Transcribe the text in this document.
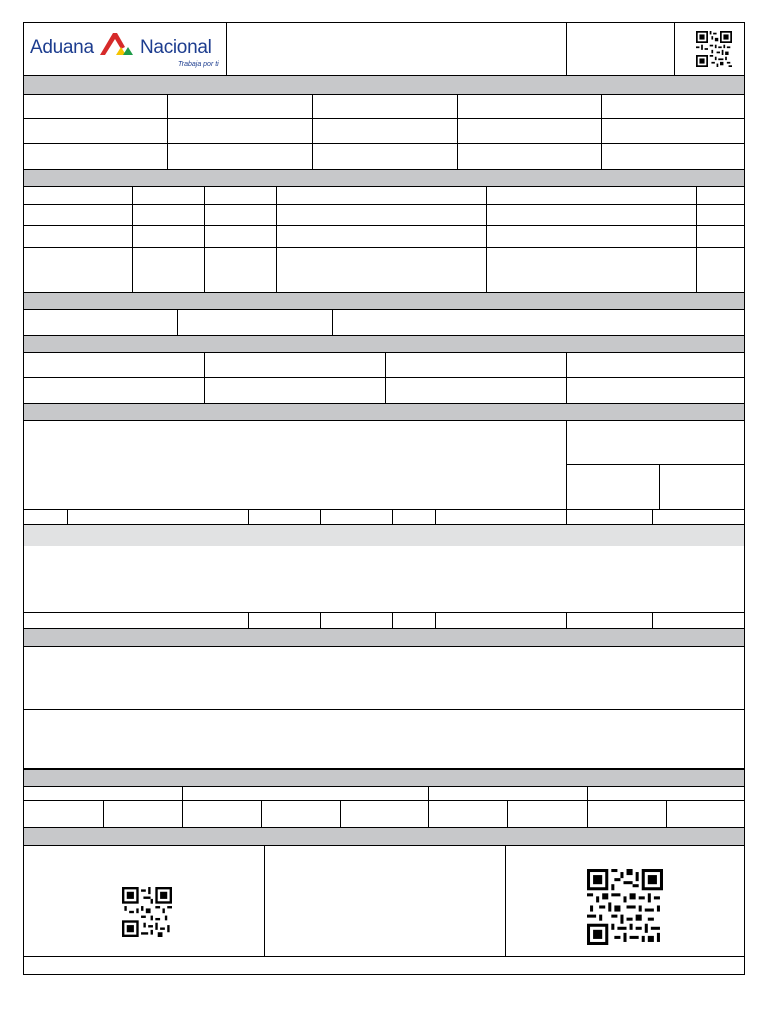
Aduana Nacional
Trabaja por ti
